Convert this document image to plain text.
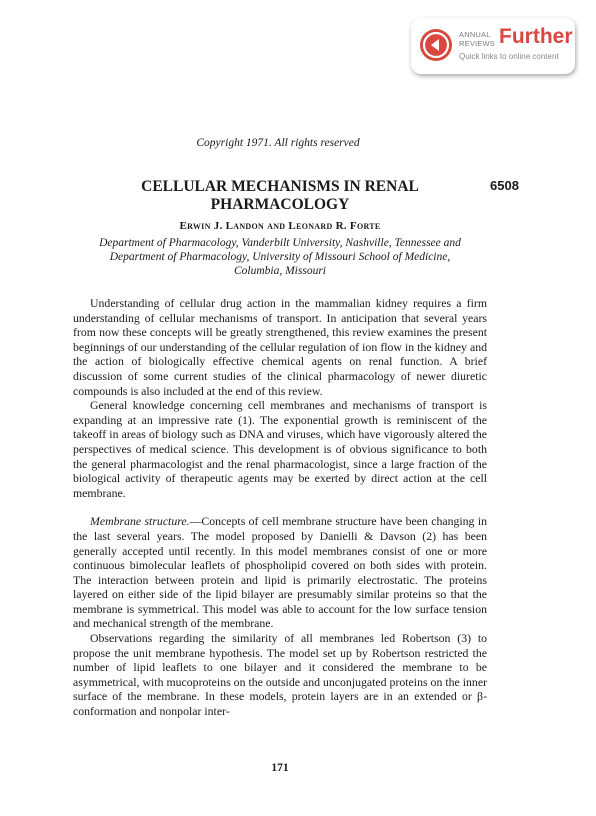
ANNUAL
REVIEWS Further
Quick links to online content
Copyright 1971. All rights reserved
CELLULAR MECHANISMS IN RENAL
PHARMACOLOGY
6508
Erwin J. Landon and Leonard R. Forte
Department of Pharmacology, Vanderbilt University, Nashville, Tennessee and
Department of Pharmacology, University of Missouri School of Medicine,
Columbia, Missouri

Understanding of cellular drug action in the mammalian kidney requires a firm understanding of cellular mechanisms of transport. In anticipation that several years from now these concepts will be greatly strengthened, this review examines the present beginnings of our understanding of the cellular regulation of ion flow in the kidney and the action of biologically effective chemical agents on renal function. A brief discussion of some current studies of the clinical pharmacology of newer diuretic compounds is also included at the end of this review.

General knowledge concerning cell membranes and mechanisms of transport is expanding at an impressive rate (1). The exponential growth is reminiscent of the takeoff in areas of biology such as DNA and viruses, which have vigorously altered the perspectives of medical science. This development is of obvious significance to both the general pharmacologist and the renal pharmacologist, since a large fraction of the biological activity of therapeutic agents may be exerted by direct action at the cell membrane.

Membrane structure.—Concepts of cell membrane structure have been changing in the last several years. The model proposed by Danielli & Davson (2) has been generally accepted until recently. In this model membranes consist of one or more continuous bimolecular leaflets of phospholipid covered on both sides with protein. The interaction between protein and lipid is primarily electrostatic. The proteins layered on either side of the lipid bilayer are presumably similar proteins so that the membrane is symmetrical. This model was able to account for the low surface tension and mechanical strength of the membrane.

Observations regarding the similarity of all membranes led Robertson (3) to propose the unit membrane hypothesis. The model set up by Robertson restricted the number of lipid leaflets to one bilayer and it considered the membrane to be asymmetrical, with mucoproteins on the outside and unconjugated proteins on the inner surface of the membrane. In these models, protein layers are in an extended or β-conformation and nonpolar inter-

171
